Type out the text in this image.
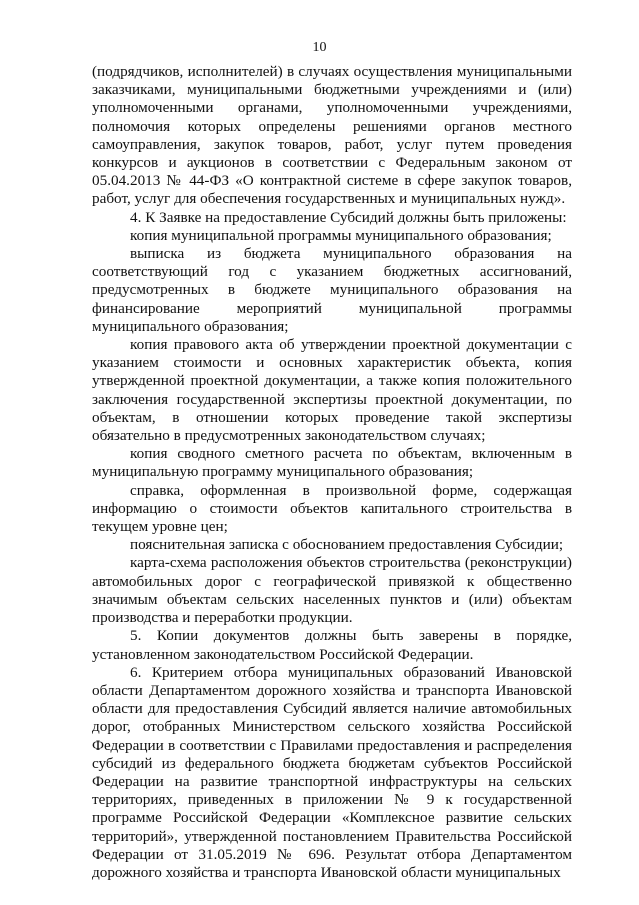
10

(подрядчиков, исполнителей) в случаях осуществления муниципальными заказчиками, муниципальными бюджетными учреждениями и (или) уполномоченными органами, уполномоченными учреждениями, полномочия которых определены решениями органов местного самоуправления, закупок товаров, работ, услуг путем проведения конкурсов и аукционов в соответствии с Федеральным законом от 05.04.2013 № 44-ФЗ «О контрактной системе в сфере закупок товаров, работ, услуг для обеспечения государственных и муниципальных нужд».

4. К Заявке на предоставление Субсидий должны быть приложены:

копия муниципальной программы муниципального образования;

выписка из бюджета муниципального образования на соответствующий год с указанием бюджетных ассигнований, предусмотренных в бюджете муниципального образования на финансирование мероприятий муниципальной программы муниципального образования;

копия правового акта об утверждении проектной документации с указанием стоимости и основных характеристик объекта, копия утвержденной проектной документации, а также копия положительного заключения государственной экспертизы проектной документации, по объектам, в отношении которых проведение такой экспертизы обязательно в предусмотренных законодательством случаях;

копия сводного сметного расчета по объектам, включенным в муниципальную программу муниципального образования;

справка, оформленная в произвольной форме, содержащая информацию о стоимости объектов капитального строительства в текущем уровне цен;

пояснительная записка с обоснованием предоставления Субсидии;

карта-схема расположения объектов строительства (реконструкции) автомобильных дорог с географической привязкой к общественно значимым объектам сельских населенных пунктов и (или) объектам производства и переработки продукции.

5. Копии документов должны быть заверены в порядке, установленном законодательством Российской Федерации.

6. Критерием отбора муниципальных образований Ивановской области Департаментом дорожного хозяйства и транспорта Ивановской области для предоставления Субсидий является наличие автомобильных дорог, отобранных Министерством сельского хозяйства Российской Федерации в соответствии с Правилами предоставления и распределения субсидий из федерального бюджета бюджетам субъектов Российской Федерации на развитие транспортной инфраструктуры на сельских территориях, приведенных в приложении № 9 к государственной программе Российской Федерации «Комплексное развитие сельских территорий», утвержденной постановлением Правительства Российской Федерации от 31.05.2019 № 696. Результат отбора Департаментом дорожного хозяйства и транспорта Ивановской области муниципальных
